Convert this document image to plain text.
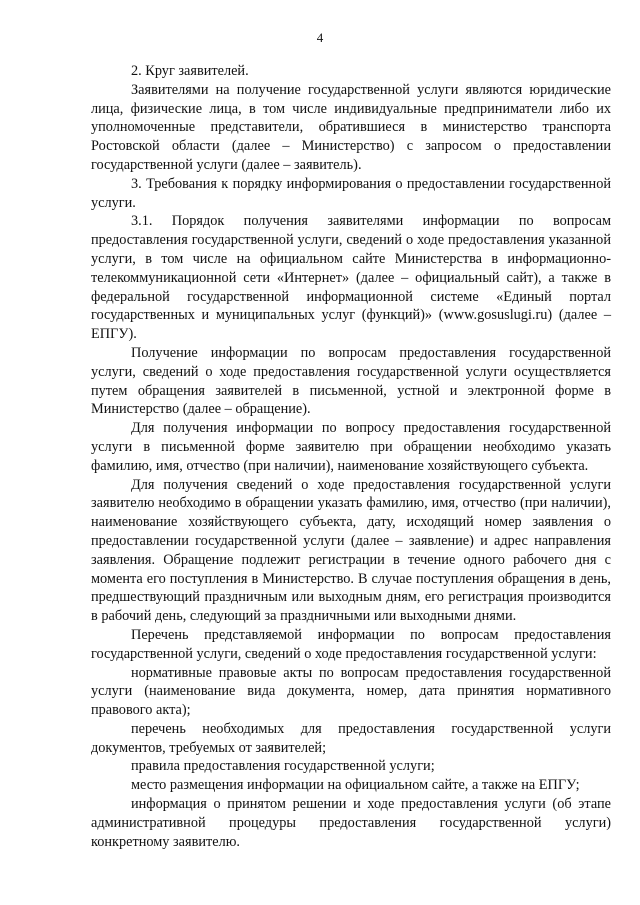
4

2. Круг заявителей.

Заявителями на получение государственной услуги являются юридические лица, физические лица, в том числе индивидуальные предприниматели либо их уполномоченные представители, обратившиеся в министерство транспорта Ростовской области (далее – Министерство) с запросом о предоставлении государственной услуги (далее – заявитель).

3. Требования к порядку информирования о предоставлении государственной услуги.

3.1. Порядок получения заявителями информации по вопросам предоставления государственной услуги, сведений о ходе предоставления указанной услуги, в том числе на официальном сайте Министерства в информационно-телекоммуникационной сети «Интернет» (далее – официальный сайт), а также в федеральной государственной информационной системе «Единый портал государственных и муниципальных услуг (функций)» (www.gosuslugi.ru) (далее – ЕПГУ).

Получение информации по вопросам предоставления государственной услуги, сведений о ходе предоставления государственной услуги осуществляется путем обращения заявителей в письменной, устной и электронной форме в Министерство (далее – обращение).

Для получения информации по вопросу предоставления государственной услуги в письменной форме заявителю при обращении необходимо указать фамилию, имя, отчество (при наличии), наименование хозяйствующего субъекта.

Для получения сведений о ходе предоставления государственной услуги заявителю необходимо в обращении указать фамилию, имя, отчество (при наличии), наименование хозяйствующего субъекта, дату, исходящий номер заявления о предоставлении государственной услуги (далее – заявление) и адрес направления заявления. Обращение подлежит регистрации в течение одного рабочего дня с момента его поступления в Министерство. В случае поступления обращения в день, предшествующий праздничным или выходным дням, его регистрация производится в рабочий день, следующий за праздничными или выходными днями.

Перечень представляемой информации по вопросам предоставления государственной услуги, сведений о ходе предоставления государственной услуги:

нормативные правовые акты по вопросам предоставления государственной услуги (наименование вида документа, номер, дата принятия нормативного правового акта);

перечень необходимых для предоставления государственной услуги документов, требуемых от заявителей;

правила предоставления государственной услуги;

место размещения информации на официальном сайте, а также на ЕПГУ;

информация о принятом решении и ходе предоставления услуги (об этапе административной процедуры предоставления государственной услуги) конкретному заявителю.
